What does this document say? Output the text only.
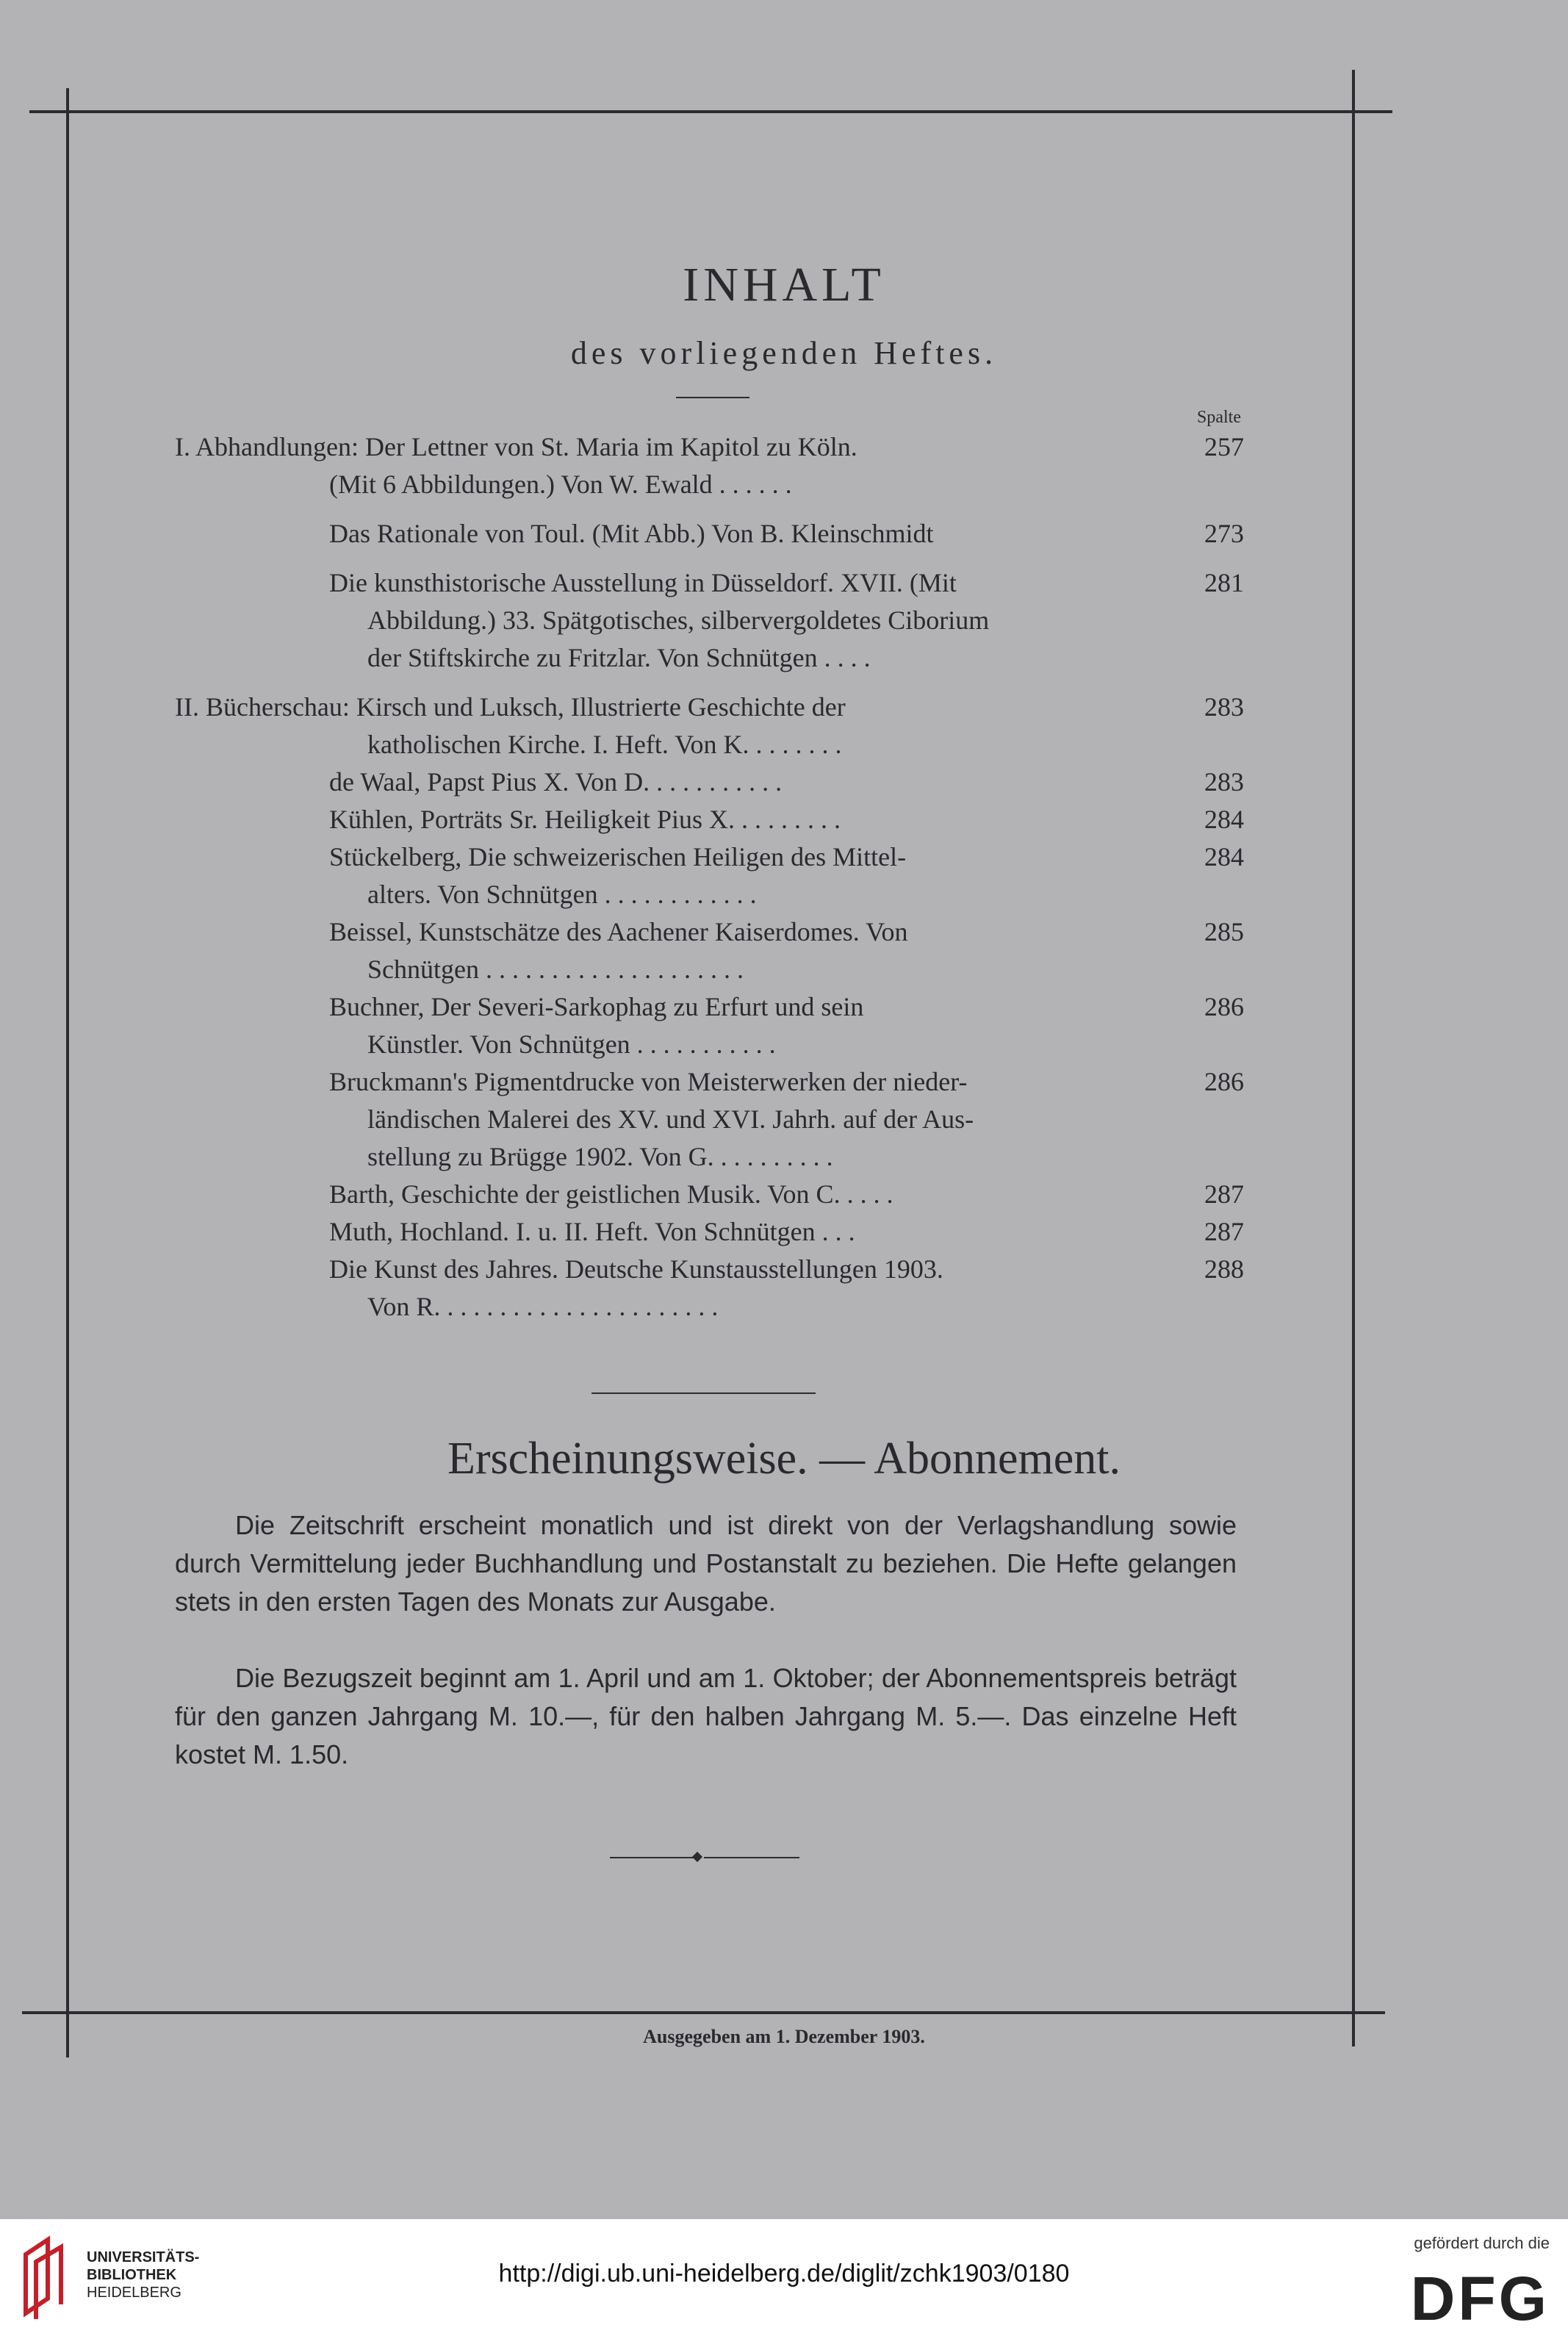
INHALT
des vorliegenden Heftes.
Spalte
I. Abhandlungen: Der Lettner von St. Maria im Kapitol zu Köln.
(Mit 6 Abbildungen.) Von W. Ewald . . . . . .
257
Das Rationale von Toul. (Mit Abb.) Von B. Kleinschmidt	273
Die kunsthistorische Ausstellung in Düsseldorf. XVII. (Mit
Abbildung.) 33. Spätgotisches, silbervergoldetes Ciborium
der Stiftskirche zu Fritzlar. Von Schnütgen . . . .
281
II. Bücherschau: Kirsch und Luksch, Illustrierte Geschichte der
katholischen Kirche. I. Heft. Von K. . . . . . . .
283
de Waal, Papst Pius X. Von D. . . . . . . . . . .	283
Kühlen, Porträts Sr. Heiligkeit Pius X. . . . . . . . .	284
Stückelberg, Die schweizerischen Heiligen des Mittel-
alters. Von Schnütgen . . . . . . . . . . . .
284
Beissel, Kunstschätze des Aachener Kaiserdomes. Von
Schnütgen . . . . . . . . . . . . . . . . . . . .
285
Buchner, Der Severi-Sarkophag zu Erfurt und sein
Künstler. Von Schnütgen . . . . . . . . . . .
286
Bruckmann's Pigmentdrucke von Meisterwerken der nieder-
ländischen Malerei des XV. und XVI. Jahrh. auf der Aus-
stellung zu Brügge 1902. Von G. . . . . . . . . .
286
Barth, Geschichte der geistlichen Musik. Von C. . . . .	287
Muth, Hochland. I. u. II. Heft. Von Schnütgen . . .	287
Die Kunst des Jahres. Deutsche Kunstausstellungen 1903.
Von R. . . . . . . . . . . . . . . . . . . . . .
288
Erscheinungsweise. — Abonnement.
Die Zeitschrift erscheint monatlich und ist direkt von der Verlagshandlung sowie durch Vermittelung jeder Buchhandlung und Postanstalt zu beziehen. Die Hefte gelangen stets in den ersten Tagen des Monats zur Ausgabe.
Die Bezugszeit beginnt am 1. April und am 1. Oktober; der Abonnementspreis beträgt für den ganzen Jahrgang M. 10.—, für den halben Jahrgang M. 5.—. Das einzelne Heft kostet M. 1.50.
Ausgegeben am 1. Dezember 1903.
UNIVERSITÄTS-
BIBLIOTHEK
HEIDELBERG
http://digi.ub.uni-heidelberg.de/diglit/zchk1903/0180
gefördert durch die
DFG
